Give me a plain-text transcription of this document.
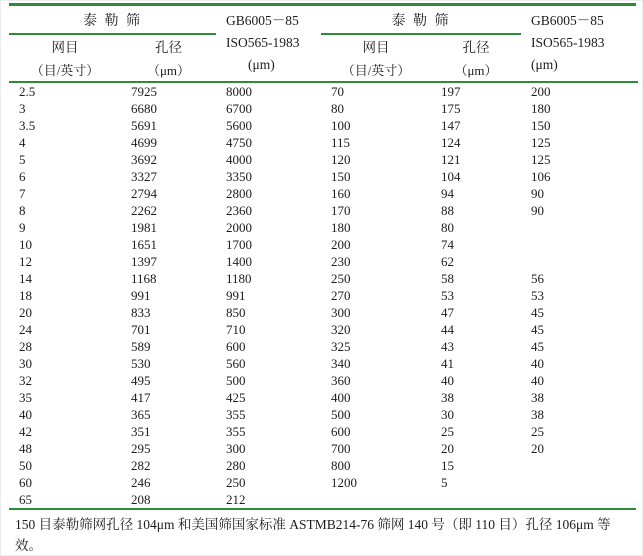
泰 勒 筛		GB6005－85
ISO565-1983
(μm)	泰 勒 筛		GB6005－85
ISO565-1983
(μm)

网目	孔径		网目	孔径	
（目/英寸）	（μm）		（目/英寸）	（μm）	
2.5	7925	8000	70	197	200
3	6680	6700	80	175	180
3.5	5691	5600	100	147	150
4	4699	4750	115	124	125
5	3692	4000	120	121	125
6	3327	3350	150	104	106
7	2794	2800	160	94	90
8	2262	2360	170	88	90
9	1981	2000	180	80	
10	1651	1700	200	74	
12	1397	1400	230	62	
14	1168	1180	250	58	56
18	991	991	270	53	53
20	833	850	300	47	45
24	701	710	320	44	45
28	589	600	325	43	45
30	530	560	340	41	40
32	495	500	360	40	40
35	417	425	400	38	38
40	365	355	500	30	38
42	351	355	600	25	25
48	295	300	700	20	20
50	282	280	800	15	
60	246	250	1200	5	
65	208	212			
150 目泰勒筛网孔径 104μm 和美国筛国家标准 ASTMB214-76 筛网 140 号（即 110 目）孔径 106μm 等效。
